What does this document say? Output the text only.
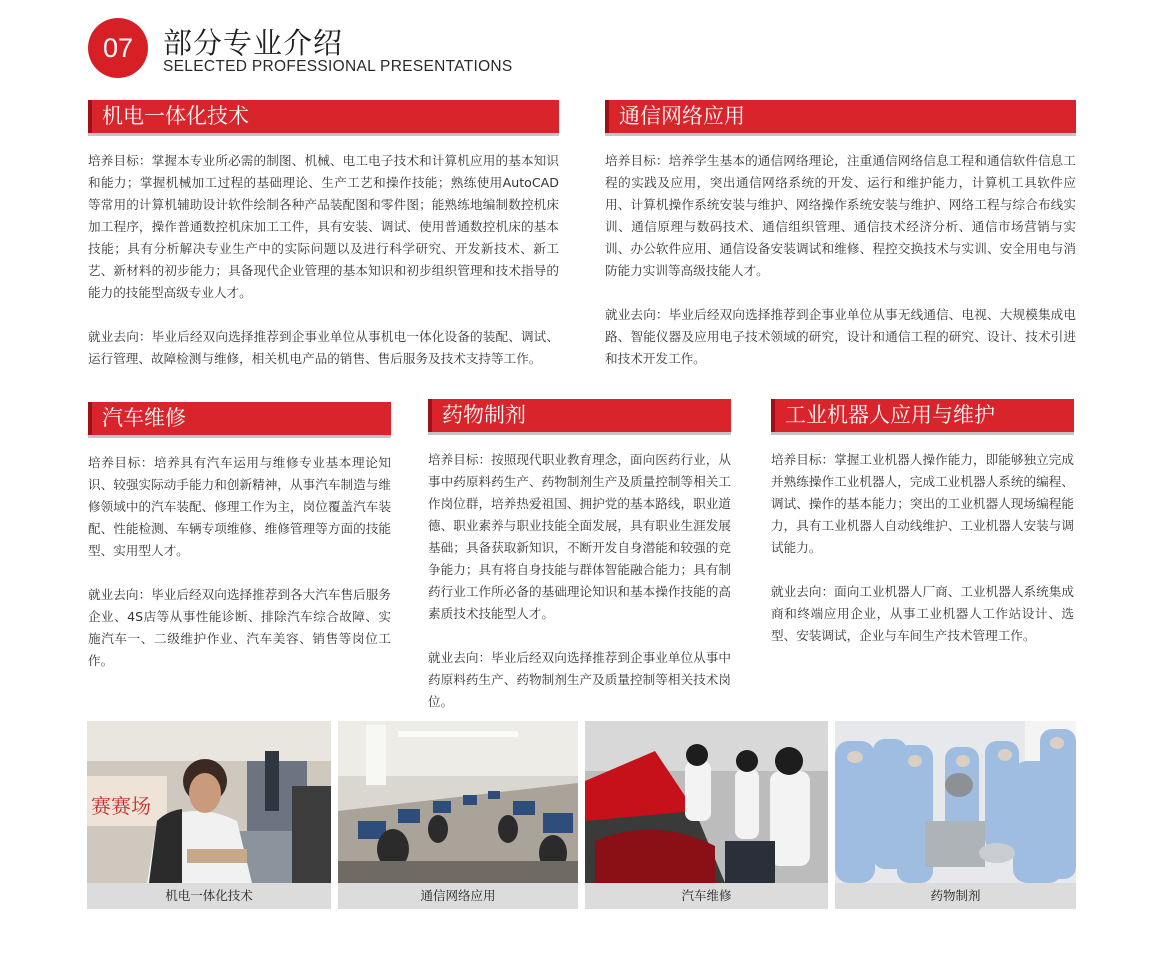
07 部分专业介绍
SELECTED PROFESSIONAL PRESENTATIONS
机电一体化技术

培养目标：掌握本专业所必需的制图、机械、电工电子技术和计算机应用的基本知识和能力；掌握机械加工过程的基础理论、生产工艺和操作技能；熟练使用AutoCAD等常用的计算机辅助设计软件绘制各种产品装配图和零件图；能熟练地编制数控机床加工程序，操作普通数控机床加工工件，具有安装、调试、使用普通数控机床的基本技能；具有分析解决专业生产中的实际问题以及进行科学研究、开发新技术、新工艺、新材料的初步能力；具备现代企业管理的基本知识和初步组织管理和技术指导的能力的技能型高级专业人才。

就业去向：毕业后经双向选择推荐到企事业单位从事机电一体化设备的装配、调试、运行管理、故障检测与维修，相关机电产品的销售、售后服务及技术支持等工作。

通信网络应用

培养目标：培养学生基本的通信网络理论，注重通信网络信息工程和通信软件信息工程的实践及应用，突出通信网络系统的开发、运行和维护能力，计算机工具软件应用、计算机操作系统安装与维护、网络操作系统安装与维护、网络工程与综合布线实训、通信原理与数码技术、通信组织管理、通信技术经济分析、通信市场营销与实训、办公软件应用、通信设备安装调试和维修、程控交换技术与实训、安全用电与消防能力实训等高级技能人才。

就业去向：毕业后经双向选择推荐到企事业单位从事无线通信、电视、大规模集成电路、智能仪器及应用电子技术领域的研究，设计和通信工程的研究、设计、技术引进和技术开发工作。

汽车维修

培养目标：培养具有汽车运用与维修专业基本理论知识、较强实际动手能力和创新精神，从事汽车制造与维修领域中的汽车装配、修理工作为主，岗位覆盖汽车装配、性能检测、车辆专项维修、维修管理等方面的技能型、实用型人才。

就业去向：毕业后经双向选择推荐到各大汽车售后服务企业、4S店等从事性能诊断、排除汽车综合故障、实施汽车一、二级维护作业、汽车美容、销售等岗位工作。

药物制剂

培养目标：按照现代职业教育理念，面向医药行业，从事中药原料药生产、药物制剂生产及质量控制等相关工作岗位群，培养热爱祖国、拥护党的基本路线，职业道德、职业素养与职业技能全面发展，具有职业生涯发展基础；具备获取新知识，不断开发自身潜能和较强的竞争能力；具有将自身技能与群体智能融合能力；具有制药行业工作所必备的基础理论知识和基本操作技能的高素质技术技能型人才。

就业去向：毕业后经双向选择推荐到企事业单位从事中药原料药生产、药物制剂生产及质量控制等相关技术岗位。

工业机器人应用与维护

培养目标：掌握工业机器人操作能力，即能够独立完成并熟练操作工业机器人，完成工业机器人系统的编程、调试、操作的基本能力；突出的工业机器人现场编程能力，具有工业机器人自动线维护、工业机器人安装与调试能力。

就业去向：面向工业机器人厂商、工业机器人系统集成商和终端应用企业，从事工业机器人工作站设计、选型、安装调试，企业与车间生产技术管理工作。

赛赛场
机电一体化技术	通信网络应用	汽车维修	药物制剂
